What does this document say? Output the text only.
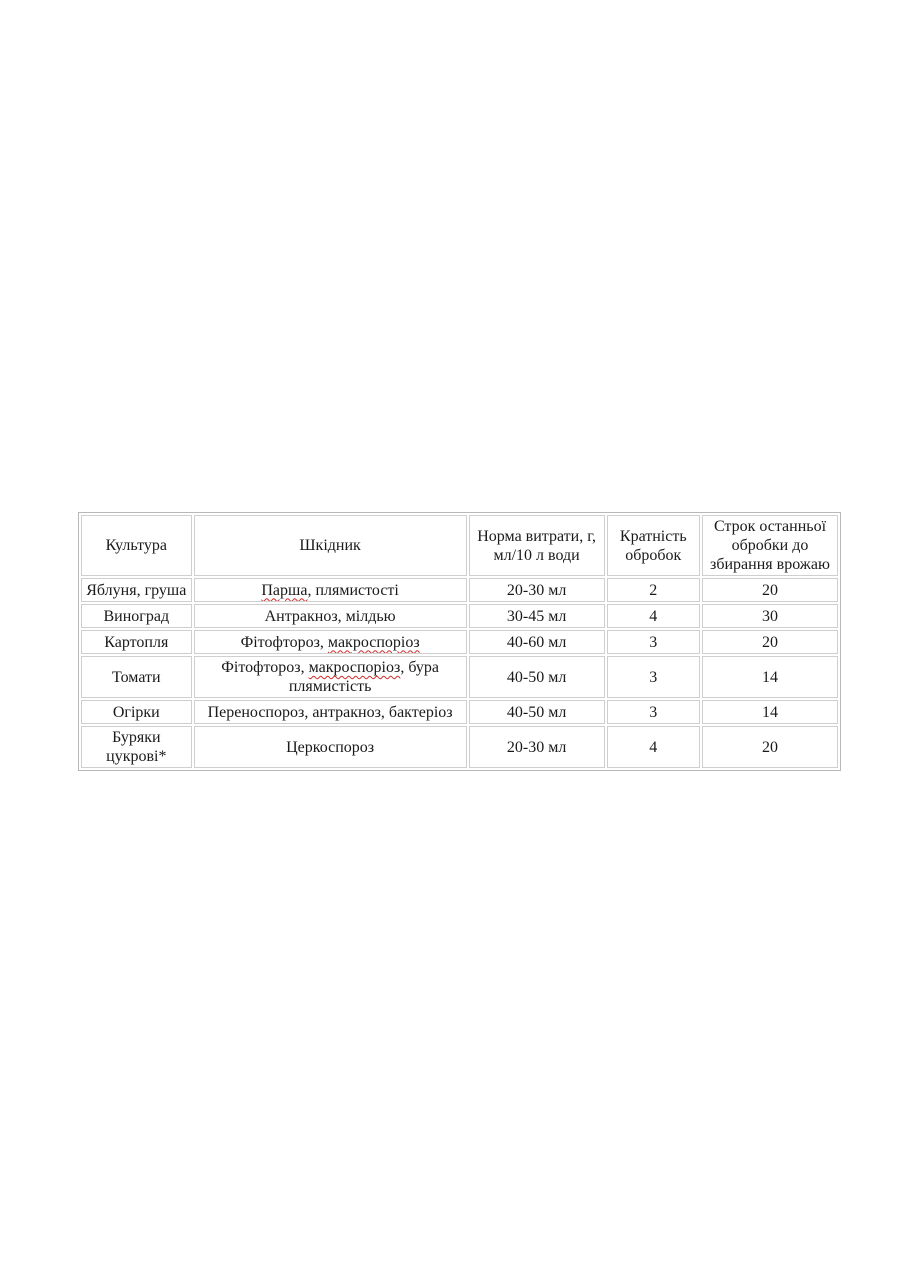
Культура	Шкідник	Норма витрати, г, мл/10 л води	Кратність обробок	Строк останньої обробки до збирання врожаю
Яблуня, груша	Парша, плямистості	20-30 мл	2	20
Виноград	Антракноз, мілдью	30-45 мл	4	30
Картопля	Фітофтороз, макроспоріоз	40-60 мл	3	20
Томати	Фітофтороз, макроспоріоз, бура плямистість	40-50 мл	3	14
Огірки	Переноспороз, антракноз, бактеріоз	40-50 мл	3	14
Буряки цукрові*	Церкоспороз	20-30 мл	4	20
